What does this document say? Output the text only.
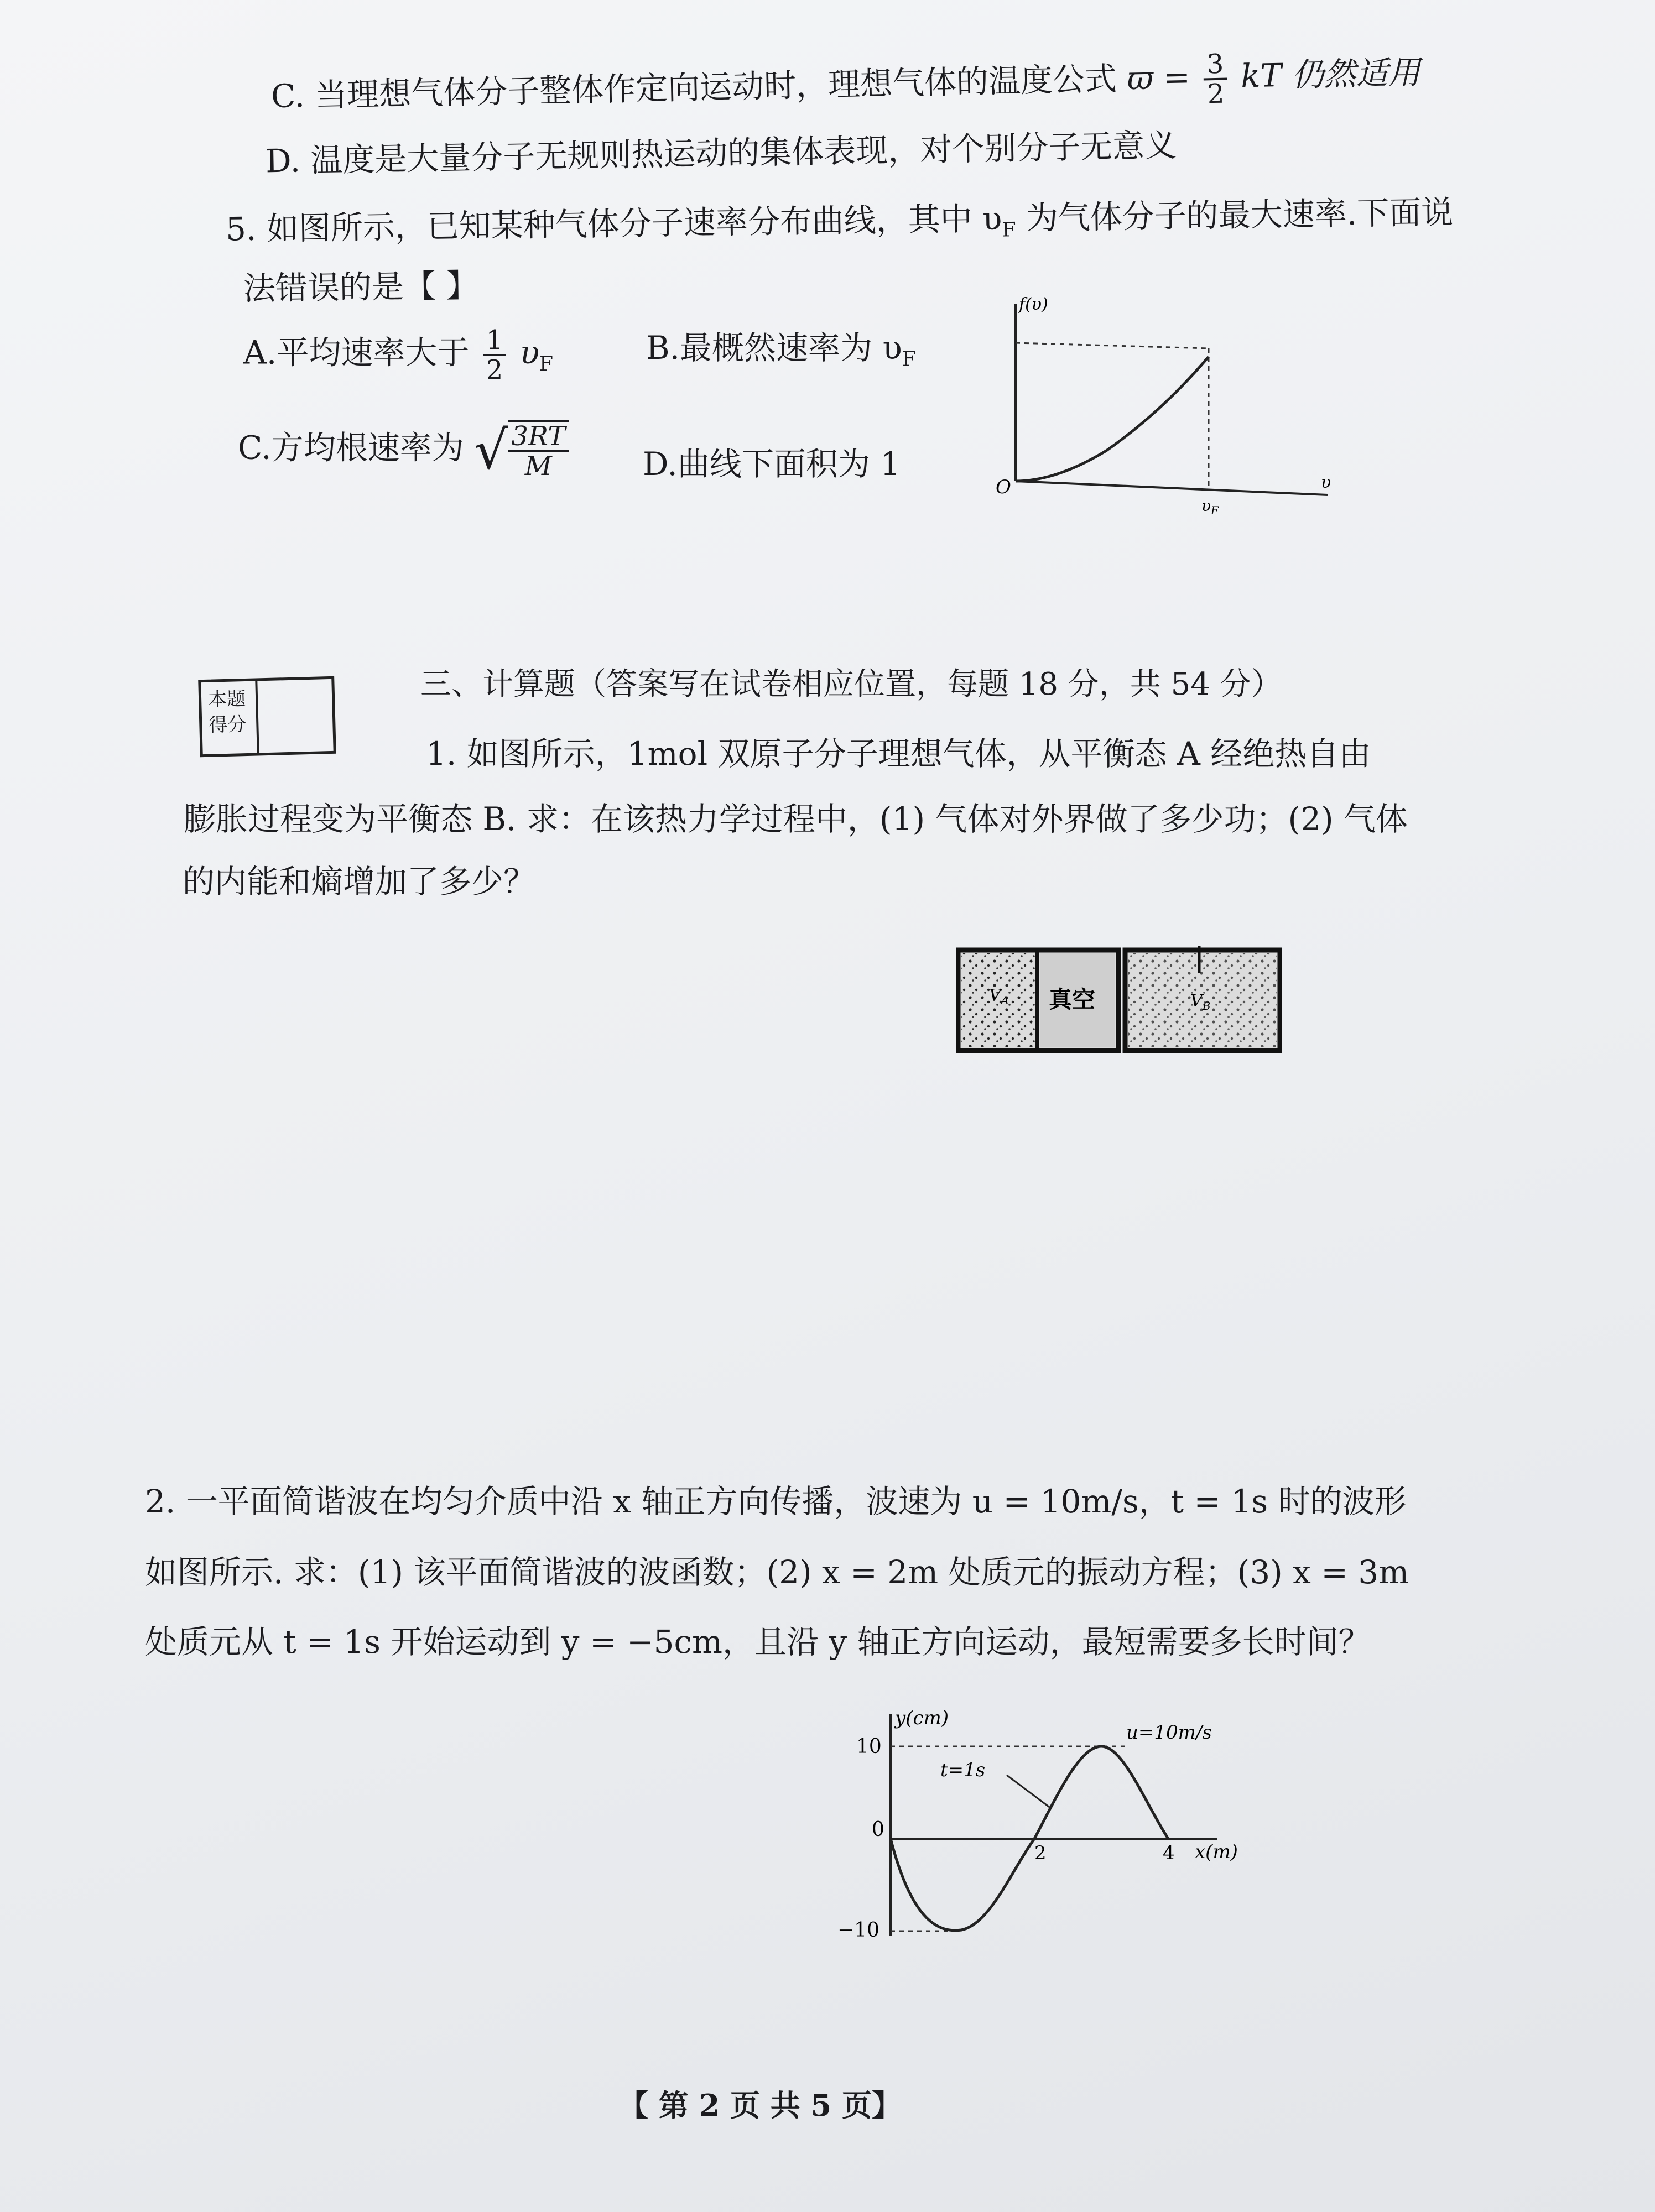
C. 当理想气体分子整体作定向运动时，理想气体的温度公式 $ϖ = \frac{3}{2}$ kT 仍然适用
D. 温度是大量分子无规则热运动的集体表现，对个别分子无意义
5. 如图所示，已知某种气体分子速率分布曲线，其中 $\upsilon_F$ 为气体分子的最大速率.下面说
法错误的是【 】
A.平均速率大于 $\frac{1}{2} \upsilon_F$	B.最概然速率为 $\upsilon_F$
C.方均根速率为 √ $\frac{3RT}{M} D$.曲线下面积为 1
f(υ)
O	υ
$\upsilon_F$
本题
得分
三、计算题（答案写在试卷相应位置，每题 18 分，共 54 分）
1. 如图所示，1mol 双原子分子理想气体，从平衡态 A 经绝热自由
膨胀过程变为平衡态 B. 求：在该热力学过程中，(1) 气体对外界做了多少功；(2) 气体
的内能和熵增加了多少？
真空
$V_A$	$V_B$
2. 一平面简谐波在均匀介质中沿 x 轴正方向传播，波速为 u = 10m/s，t = 1s 时的波形
如图所示. 求：(1) 该平面简谐波的波函数；(2) x = 2m 处质元的振动方程；(3) x = 3m
处质元从 t = 1s 开始运动到 y = −5cm，且沿 y 轴正方向运动，最短需要多长时间？
y(cm)
x(m)
u=10m/s
t=1s
10
0
−10
2	4
【 第 2 页 共 5 页】
